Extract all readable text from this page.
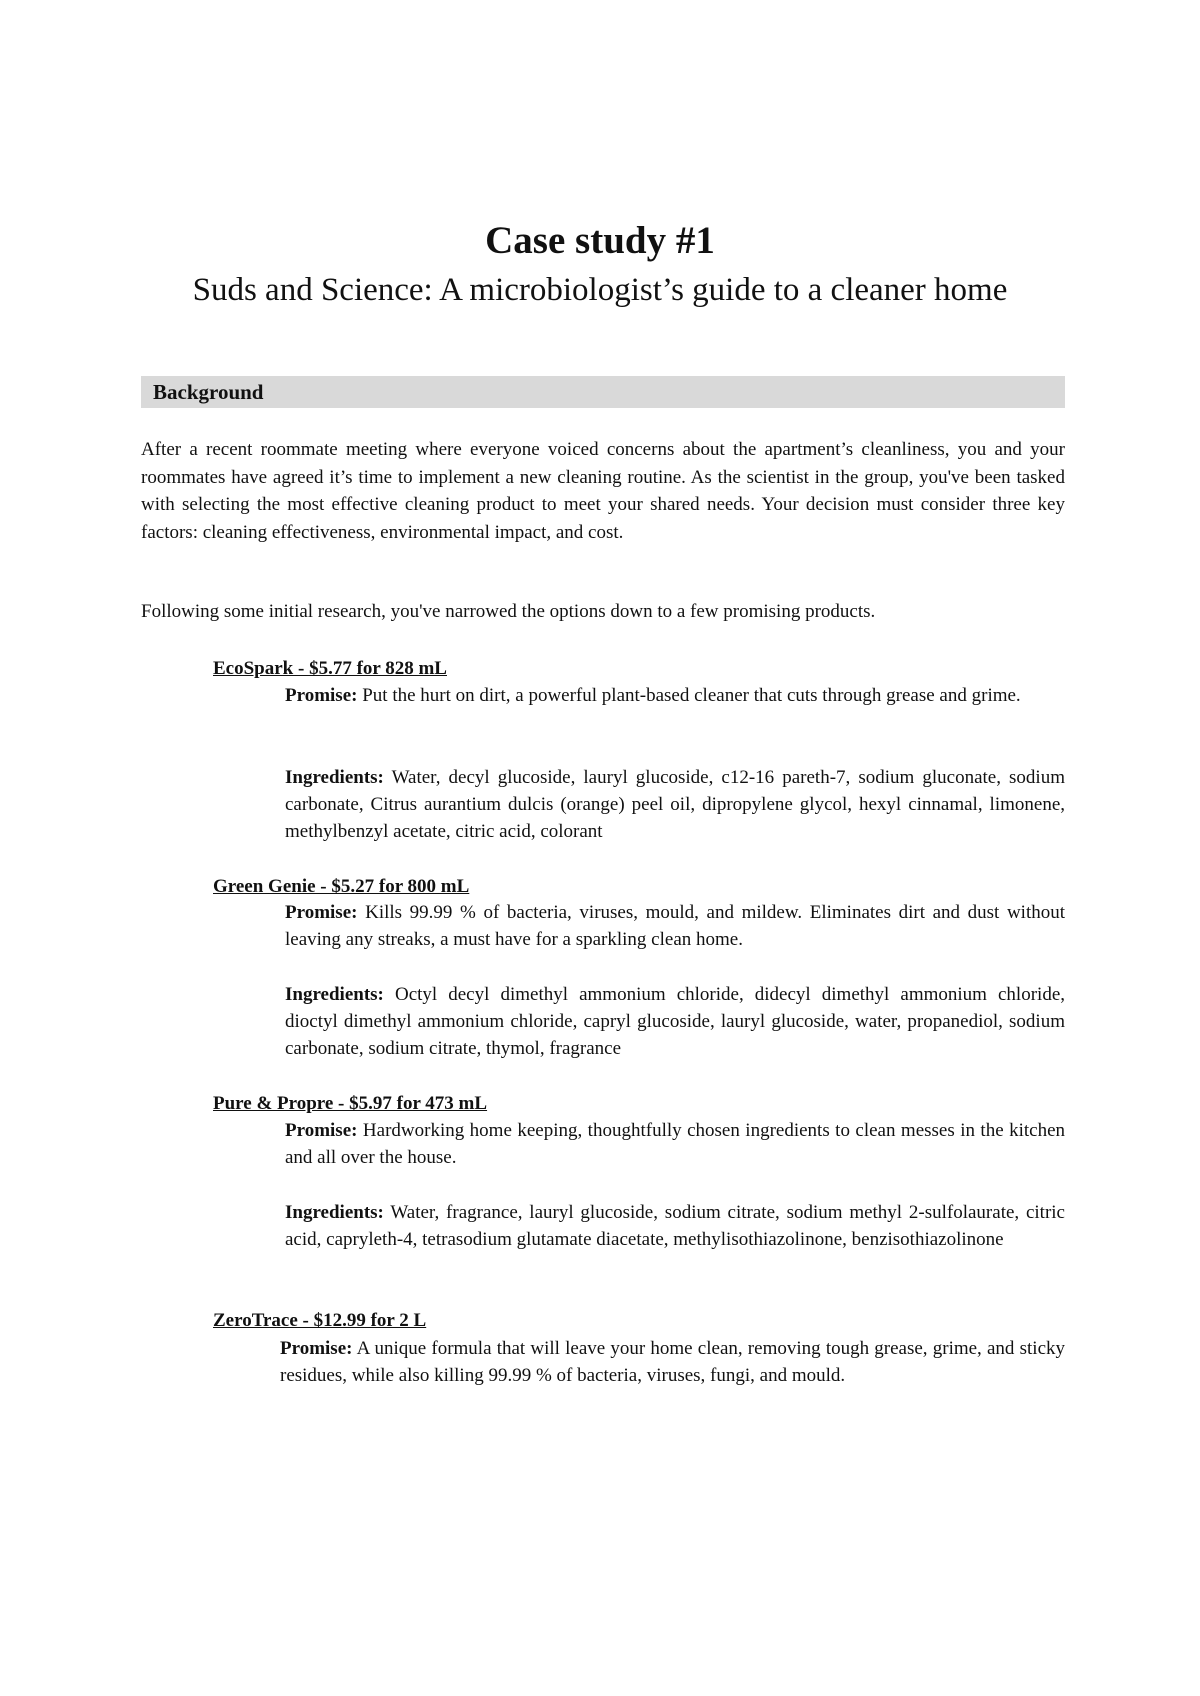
Case study #1
Suds and Science: A microbiologist’s guide to a cleaner home
Background
After a recent roommate meeting where everyone voiced concerns about the apartment’s cleanliness, you and your roommates have agreed it’s time to implement a new cleaning routine. As the scientist in the group, you've been tasked with selecting the most effective cleaning product to meet your shared needs. Your decision must consider three key factors: cleaning effectiveness, environmental impact, and cost.
Following some initial research, you've narrowed the options down to a few promising products.
EcoSpark - $5.77 for 828 mL
Promise: Put the hurt on dirt, a powerful plant-based cleaner that cuts through grease and grime.
Ingredients: Water, decyl glucoside, lauryl glucoside, c12-16 pareth-7, sodium gluconate, sodium carbonate, Citrus aurantium dulcis (orange) peel oil, dipropylene glycol, hexyl cinnamal, limonene, methylbenzyl acetate, citric acid, colorant
Green Genie - $5.27 for 800 mL
Promise: Kills 99.99 % of bacteria, viruses, mould, and mildew. Eliminates dirt and dust without leaving any streaks, a must have for a sparkling clean home.
Ingredients: Octyl decyl dimethyl ammonium chloride, didecyl dimethyl ammonium chloride, dioctyl dimethyl ammonium chloride, capryl glucoside, lauryl glucoside, water, propanediol, sodium carbonate, sodium citrate, thymol, fragrance
Pure & Propre - $5.97 for 473 mL
Promise: Hardworking home keeping, thoughtfully chosen ingredients to clean messes in the kitchen and all over the house.
Ingredients: Water, fragrance, lauryl glucoside, sodium citrate, sodium methyl 2-sulfolaurate, citric acid, capryleth-4, tetrasodium glutamate diacetate, methylisothiazolinone, benzisothiazolinone
ZeroTrace - $12.99 for 2 L
Promise: A unique formula that will leave your home clean, removing tough grease, grime, and sticky residues, while also killing 99.99 % of bacteria, viruses, fungi, and mould.
